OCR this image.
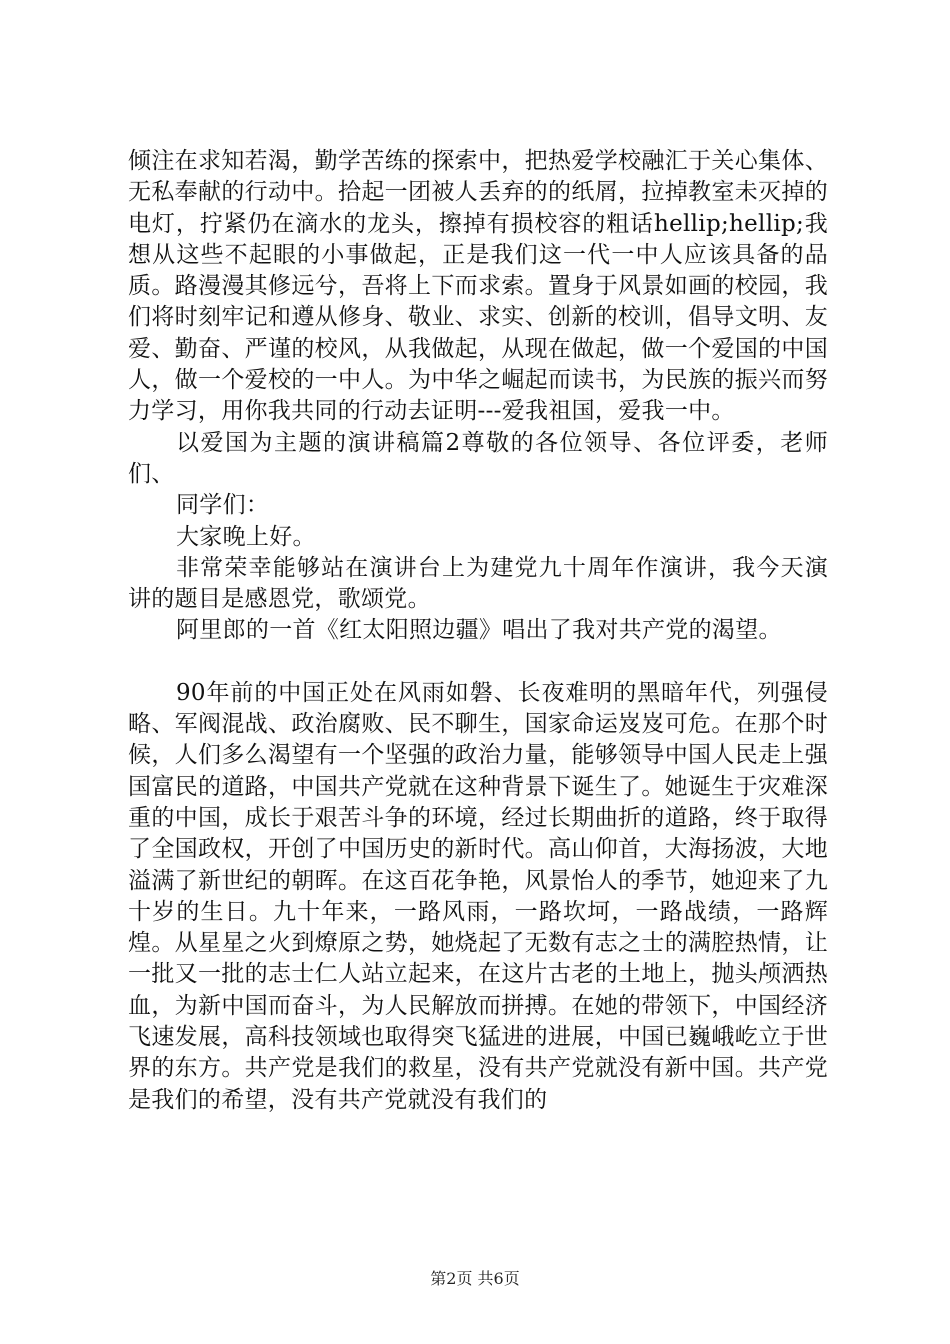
倾注在求知若渴，勤学苦练的探索中，把热爱学校融汇于关心集体、无私奉献的行动中。拾起一团被人丢弃的的纸屑，拉掉教室未灭掉的电灯，拧紧仍在滴水的龙头，擦掉有损校容的粗话hellip;hellip;我想从这些不起眼的小事做起，正是我们这一代一中人应该具备的品质。路漫漫其修远兮，吾将上下而求索。置身于风景如画的校园，我们将时刻牢记和遵从修身、敬业、求实、创新的校训，倡导文明、友爱、勤奋、严谨的校风，从我做起，从现在做起，做一个爱国的中国人，做一个爱校的一中人。为中华之崛起而读书，为民族的振兴而努力学习，用你我共同的行动去证明---爱我祖国，爱我一中。

以爱国为主题的演讲稿篇2尊敬的各位领导、各位评委，老师们、

同学们：

大家晚上好。

非常荣幸能够站在演讲台上为建党九十周年作演讲，我今天演讲的题目是感恩党，歌颂党。

阿里郎的一首《红太阳照边疆》唱出了我对共产党的渴望。

90年前的中国正处在风雨如磐、长夜难明的黑暗年代，列强侵略、军阀混战、政治腐败、民不聊生，国家命运岌岌可危。在那个时候，人们多么渴望有一个坚强的政治力量，能够领导中国人民走上强国富民的道路，中国共产党就在这种背景下诞生了。她诞生于灾难深重的中国，成长于艰苦斗争的环境，经过长期曲折的道路，终于取得了全国政权，开创了中国历史的新时代。高山仰首，大海扬波，大地溢满了新世纪的朝晖。在这百花争艳，风景怡人的季节，她迎来了九十岁的生日。九十年来，一路风雨，一路坎坷，一路战绩，一路辉煌。从星星之火到燎原之势，她烧起了无数有志之士的满腔热情，让一批又一批的志士仁人站立起来，在这片古老的土地上，抛头颅洒热血，为新中国而奋斗，为人民解放而拼搏。在她的带领下，中国经济飞速发展，高科技领域也取得突飞猛进的进展，中国已巍峨屹立于世界的东方。共产党是我们的救星，没有共产党就没有新中国。共产党是我们的希望，没有共产党就没有我们的

第2页 共6页
